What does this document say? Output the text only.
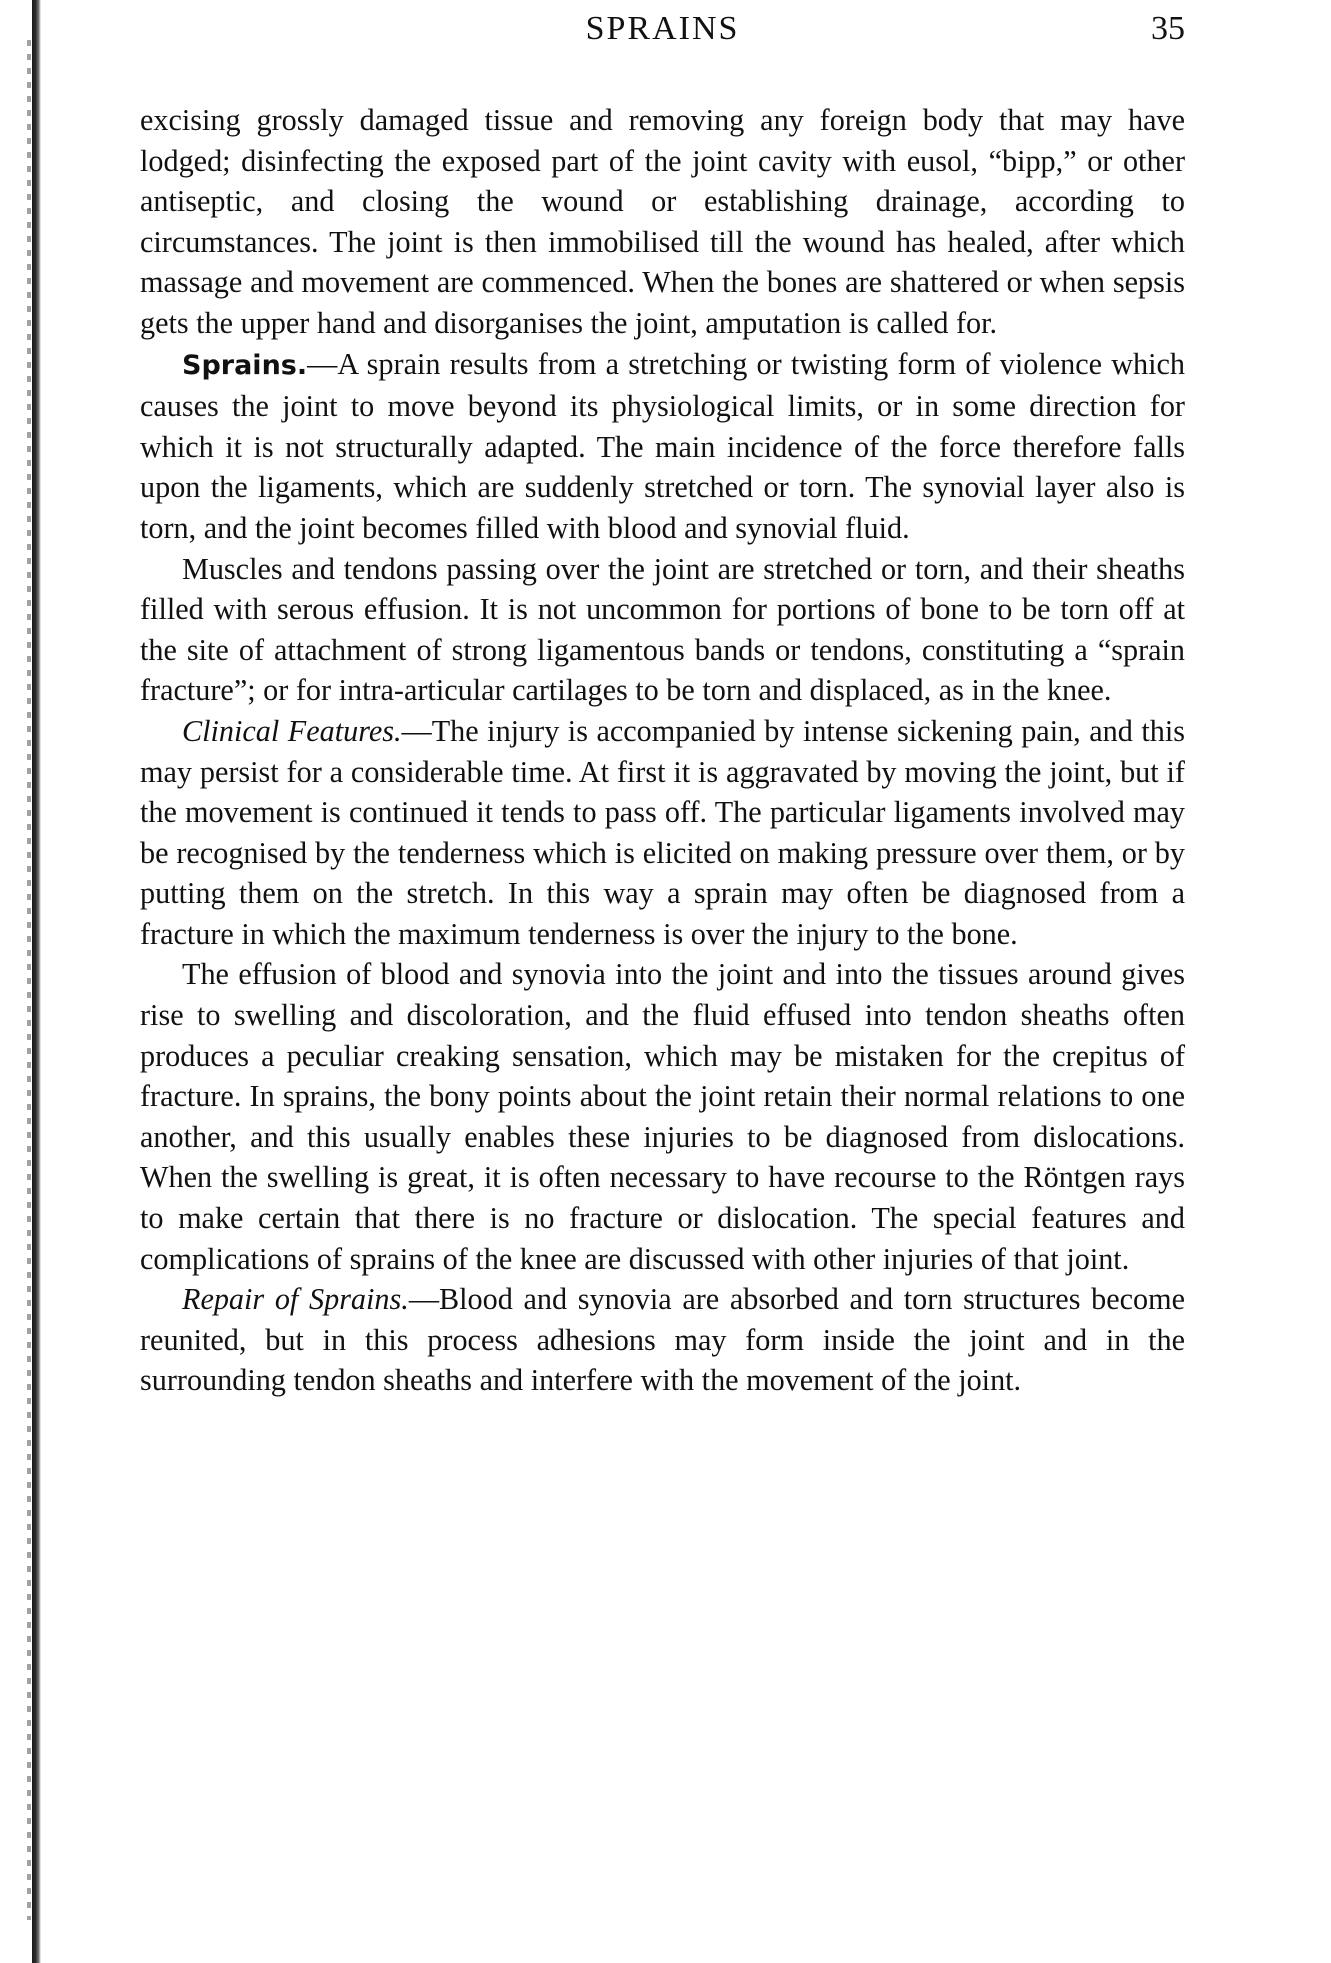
SPRAINS	35

excising grossly damaged tissue and removing any foreign body that may have lodged; disinfecting the exposed part of the joint cavity with eusol, “bipp,” or other antiseptic, and closing the wound or establishing drainage, according to circumstances. The joint is then immobilised till the wound has healed, after which massage and movement are commenced. When the bones are shattered or when sepsis gets the upper hand and disorganises the joint, amputation is called for.

Sprains.—A sprain results from a stretching or twisting form of violence which causes the joint to move beyond its physiological limits, or in some direction for which it is not structurally adapted. The main incidence of the force therefore falls upon the ligaments, which are suddenly stretched or torn. The synovial layer also is torn, and the joint becomes filled with blood and synovial fluid.

Muscles and tendons passing over the joint are stretched or torn, and their sheaths filled with serous effusion. It is not uncommon for portions of bone to be torn off at the site of attachment of strong ligamentous bands or tendons, constituting a “sprain fracture”; or for intra-articular cartilages to be torn and displaced, as in the knee.

Clinical Features.—The injury is accompanied by intense sickening pain, and this may persist for a considerable time. At first it is aggravated by moving the joint, but if the movement is continued it tends to pass off. The particular ligaments involved may be recognised by the tenderness which is elicited on making pressure over them, or by putting them on the stretch. In this way a sprain may often be diagnosed from a fracture in which the maximum tenderness is over the injury to the bone.

The effusion of blood and synovia into the joint and into the tissues around gives rise to swelling and discoloration, and the fluid effused into tendon sheaths often produces a peculiar creaking sensation, which may be mistaken for the crepitus of fracture. In sprains, the bony points about the joint retain their normal relations to one another, and this usually enables these injuries to be diagnosed from dislocations. When the swelling is great, it is often necessary to have recourse to the Röntgen rays to make certain that there is no fracture or dislocation. The special features and complications of sprains of the knee are discussed with other injuries of that joint.

Repair of Sprains.—Blood and synovia are absorbed and torn structures become reunited, but in this process adhesions may form inside the joint and in the surrounding tendon sheaths and interfere with the movement of the joint.
